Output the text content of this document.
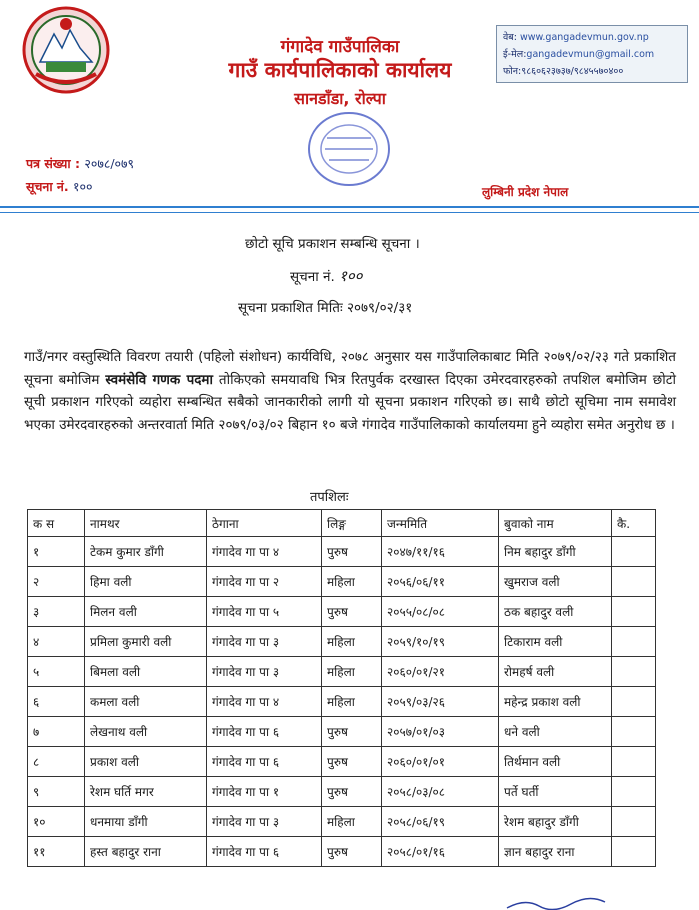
गंगादेव गाउँपालिका
गाउँ कार्यपालिकाको कार्यालय
सानडाँडा, रोल्पा
वेब: www.gangadevmun.gov.np
ई-मेल:gangadevmun@gmail.com
फोन:९८६०६२३७३७/९८४५५७०४००
पत्र संख्या : २०७८/०७९
सूचना नं. १००	लुम्बिनी प्रदेश नेपाल
छोटो सूचि प्रकाशन सम्बन्धि सूचना ।
सूचना नं. १००
सूचना प्रकाशित मितिः २०७९/०२/३१
गाउँ/नगर वस्तुस्थिति विवरण तयारी (पहिलो संशोधन) कार्यविधि, २०७८ अनुसार यस गाउँपालिकाबाट मिति २०७९/०२/२३ गते प्रकाशित सूचना बमोजिम स्वमंसेवि गणक पदमा तोकिएको समयावधि भित्र रितपुर्वक दरखास्त दिएका उमेरदवारहरुको तपशिल बमोजिम छोटो सूची प्रकाशन गरिएको व्यहोरा सम्बन्धित सबैको जानकारीको लागी यो सूचना प्रकाशन गरिएको छ। साथै छोटो सूचिमा नाम समावेश भएका उमेरदवारहरुको अन्तरवार्ता मिति २०७९/०३/०२ बिहान १० बजे गंगादेव गाउँपालिकाको कार्यालयमा हुने व्यहोरा समेत अनुरोध छ ।
तपशिलः
क स	नामथर	ठेगाना	लिङ्ग	जन्ममिति	बुवाको नाम	कै.
१	टेकम कुमार डाँगी	गंगादेव गा पा ४	पुरुष	२०४७/११/१६	निम बहादुर डाँगी	
२	हिमा वली	गंगादेव गा पा २	महिला	२०५६/०६/११	खुमराज वली	
३	मिलन वली	गंगादेव गा पा ५	पुरुष	२०५५/०८/०८	ठक बहादुर वली	
४	प्रमिला कुमारी वली	गंगादेव गा पा ३	महिला	२०५९/१०/१९	टिकाराम वली	
५	बिमला वली	गंगादेव गा पा ३	महिला	२०६०/०१/२१	रोमहर्ष वली	
६	कमला वली	गंगादेव गा पा ४	महिला	२०५९/०३/२६	महेन्द्र प्रकाश वली	
७	लेखनाथ वली	गंगादेव गा पा ६	पुरुष	२०५७/०१/०३	धने वली	
८	प्रकाश वली	गंगादेव गा पा ६	पुरुष	२०६०/०१/०१	तिर्थमान वली	
९	रेशम घर्ति मगर	गंगादेव गा पा १	पुरुष	२०५८/०३/०८	पर्ते घर्ती	
१०	धनमाया डाँगी	गंगादेव गा पा ३	महिला	२०५८/०६/१९	रेशम बहादुर डाँगी	
११	हस्त बहादुर राना	गंगादेव गा पा ६	पुरुष	२०५८/०१/१६	ज्ञान बहादुर राना	
